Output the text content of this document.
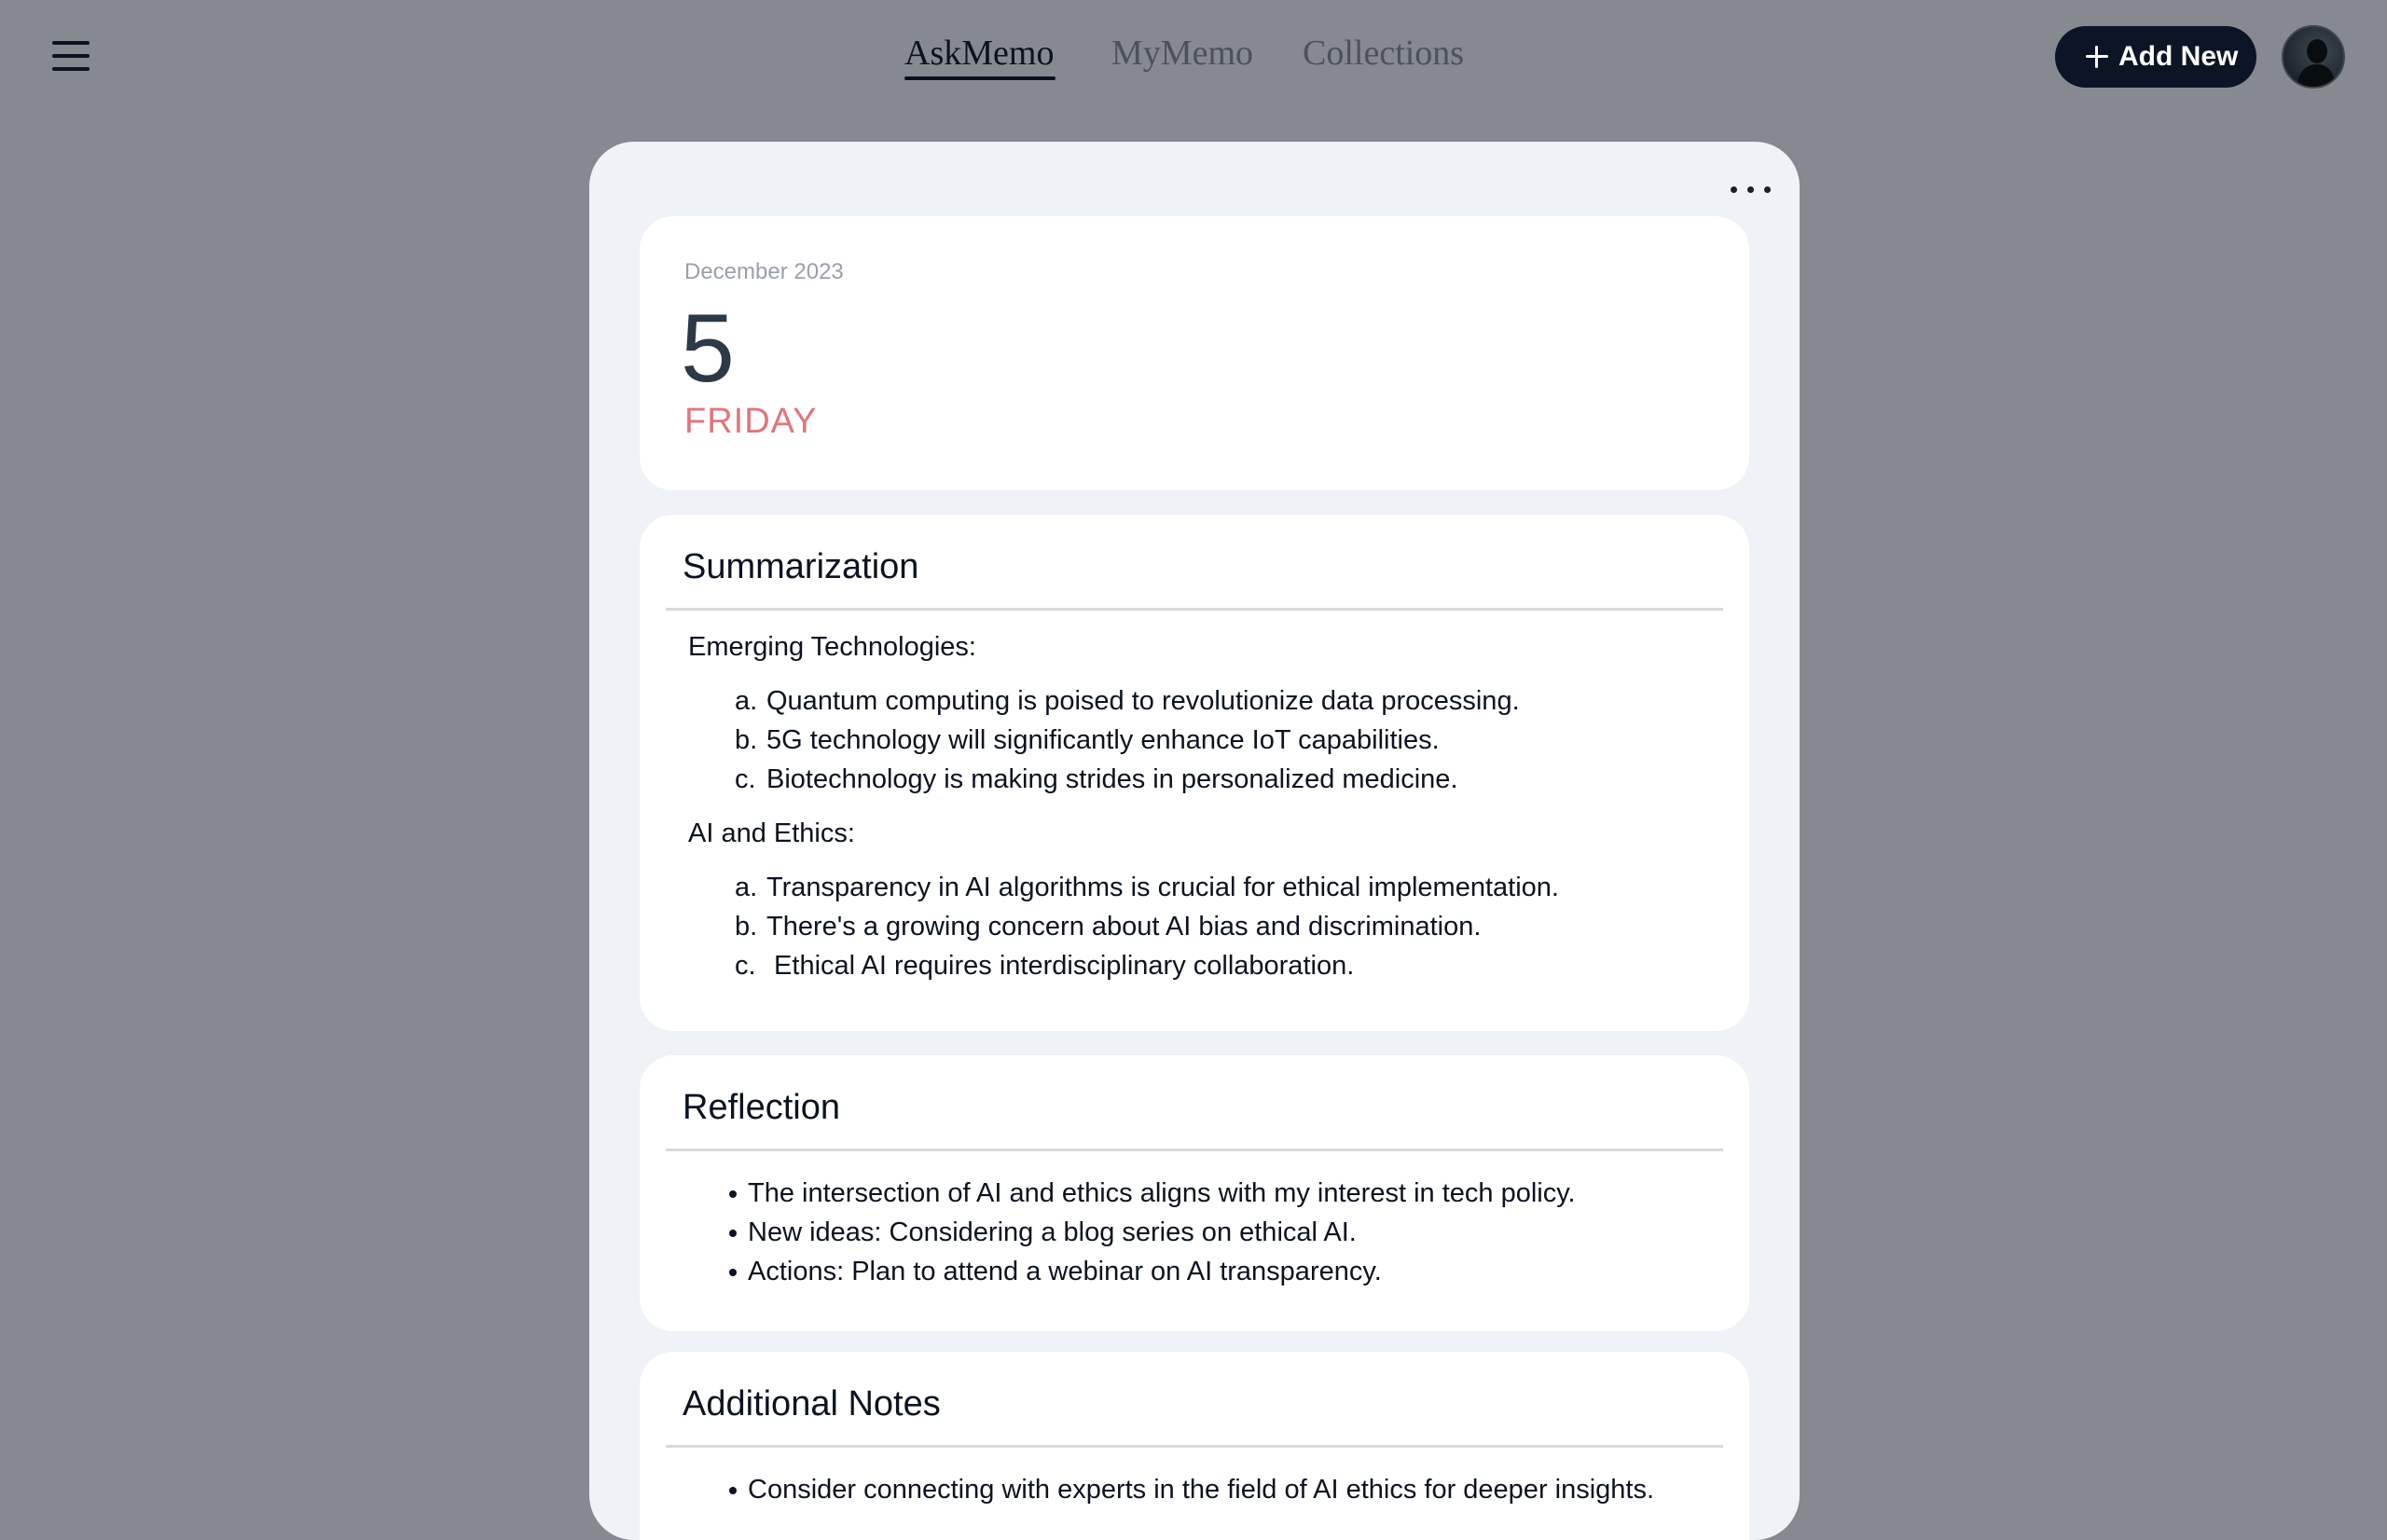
AskMemo MyMemo Collections	Add New
December 2023
5
FRIDAY
Summarization
Emerging Technologies:
a. Quantum computing is poised to revolutionize data processing.
b. 5G technology will significantly enhance IoT capabilities.
c. Biotechnology is making strides in personalized medicine.
AI and Ethics:
a. Transparency in AI algorithms is crucial for ethical implementation.
b. There's a growing concern about AI bias and discrimination.
c. Ethical AI requires interdisciplinary collaboration.
Reflection
The intersection of AI and ethics aligns with my interest in tech policy.
New ideas: Considering a blog series on ethical AI.
Actions: Plan to attend a webinar on AI transparency.
Additional Notes
Consider connecting with experts in the field of AI ethics for deeper insights.
